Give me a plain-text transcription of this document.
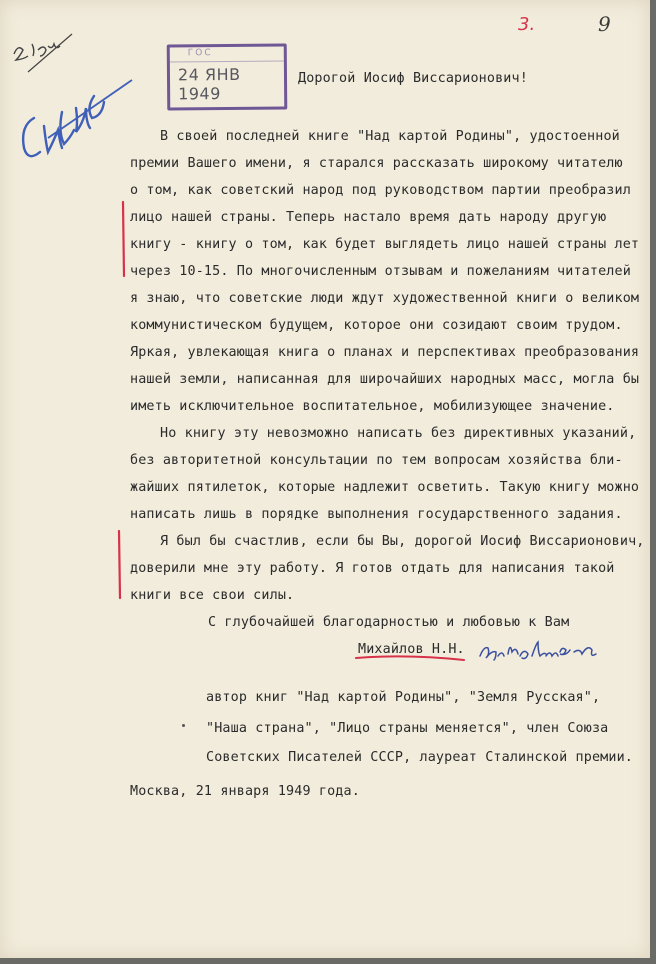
ГОС
24 ЯНВ 1949
3.	9
Дорогой Иосиф Виссарионович!
В своей последней книге "Над картой Родины", удостоенной
премии Вашего имени, я старался рассказать широкому читателю
о том, как советский народ под руководством партии преобразил
лицо нашей страны. Теперь настало время дать народу другую
книгу - книгу о том, как будет выглядеть лицо нашей страны лет
через 10-15. По многочисленным отзывам и пожеланиям читателей
я знаю, что советские люди ждут художественной книги о великом
коммунистическом будущем, которое они созидают своим трудом.
Яркая, увлекающая книга о планах и перспективах преобразования
нашей земли, написанная для широчайших народных масс, могла бы
иметь исключительное воспитательное, мобилизующее значение.
Но книгу эту невозможно написать без директивных указаний,
без авторитетной консультации по тем вопросам хозяйства бли-
жайших пятилеток, которые надлежит осветить. Такую книгу можно
написать лишь в порядке выполнения государственного задания.
Я был бы счастлив, если бы Вы, дорогой Иосиф Виссарионович,
доверили мне эту работу. Я готов отдать для написания такой
книги все свои силы.
С глубочайшей благодарностью и любовью к Вам
Михайлов Н.Н.
автор книг "Над картой Родины", "Земля Русская",
"Наша страна", "Лицо страны меняется", член Союза
Советских Писателей СССР, лауреат Сталинской премии.
Москва, 21 января 1949 года.
